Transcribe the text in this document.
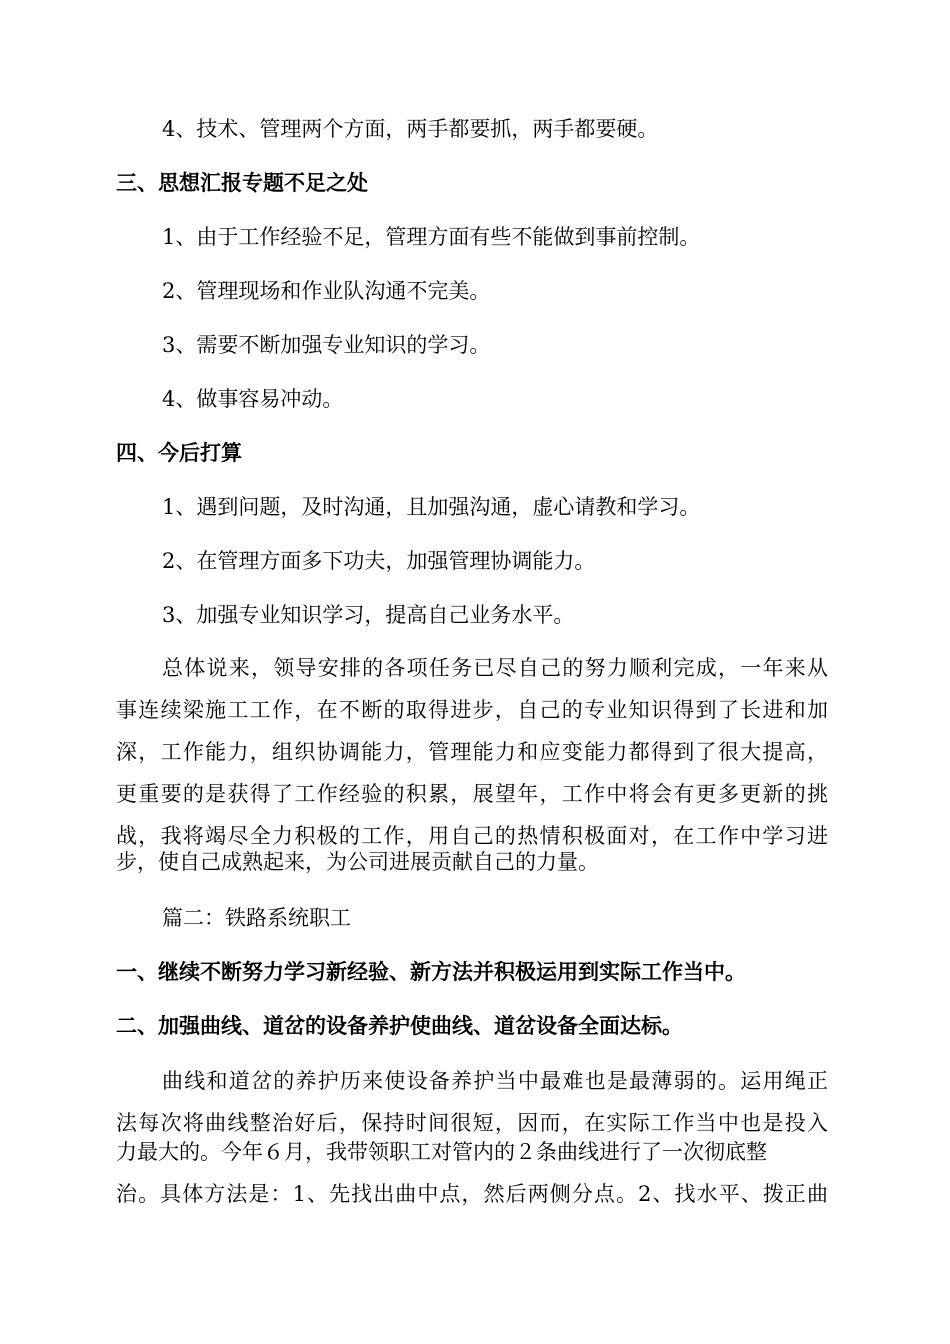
4、技术、管理两个方面，两手都要抓，两手都要硬。
三、思想汇报专题不足之处
1、由于工作经验不足，管理方面有些不能做到事前控制。
2、管理现场和作业队沟通不完美。
3、需要不断加强专业知识的学习。
4、做事容易冲动。
四、今后打算
1、遇到问题，及时沟通，且加强沟通，虚心请教和学习。
2、在管理方面多下功夫，加强管理协调能力。
3、加强专业知识学习，提高自己业务水平。
总体说来，领导安排的各项任务已尽自己的努力顺利完成，一年来从
事连续梁施工工作，在不断的取得进步，自己的专业知识得到了长进和加
深，工作能力，组织协调能力，管理能力和应变能力都得到了很大提高，
更重要的是获得了工作经验的积累，展望年，工作中将会有更多更新的挑
战，我将竭尽全力积极的工作，用自己的热情积极面对，在工作中学习进
步，使自己成熟起来，为公司进展贡献自己的力量。
篇二：铁路系统职工
一、继续不断努力学习新经验、新方法并积极运用到实际工作当中。
二、加强曲线、道岔的设备养护使曲线、道岔设备全面达标。
曲线和道岔的养护历来使设备养护当中最难也是最薄弱的。运用绳正
法每次将曲线整治好后，保持时间很短，因而，在实际工作当中也是投入
力最大的。今年６月，我带领职工对管内的２条曲线进行了一次彻底整
治。具体方法是：1、先找出曲中点，然后两侧分点。2、找水平、拨正曲
